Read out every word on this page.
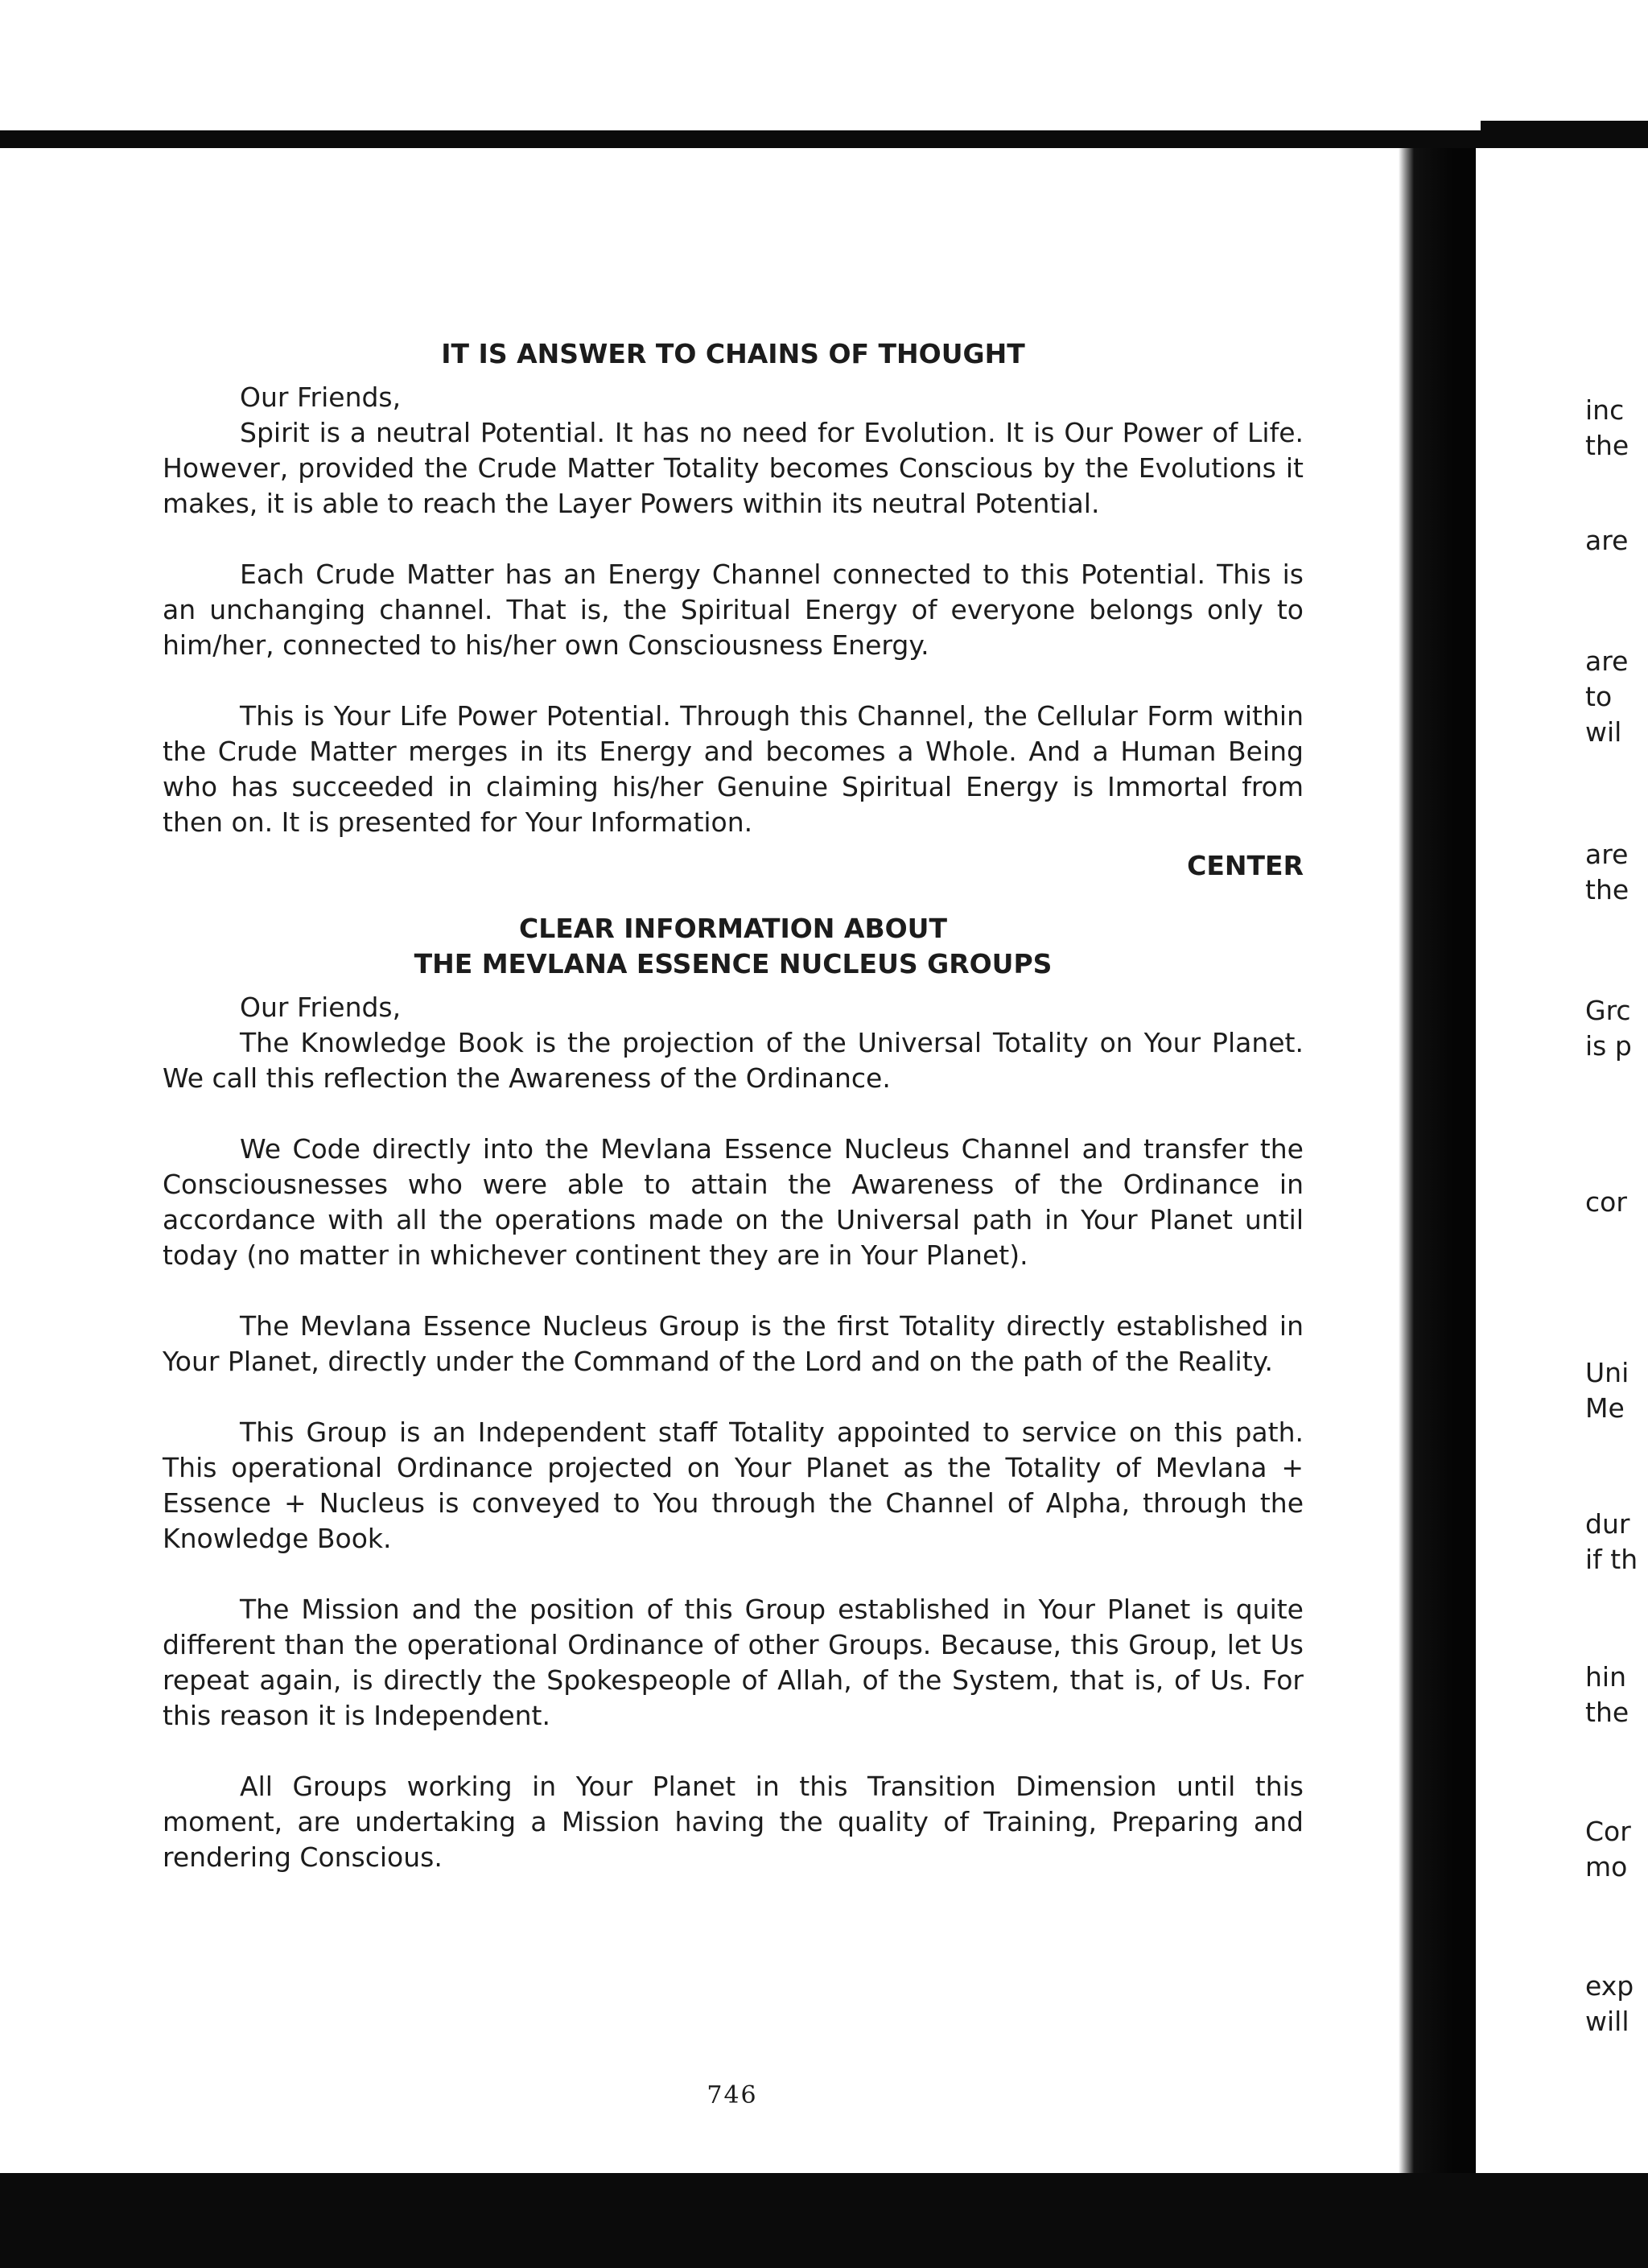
IT IS ANSWER TO CHAINS OF THOUGHT

Our Friends,

Spirit is a neutral Potential. It has no need for Evolution. It is Our Power of Life. However, provided the Crude Matter Totality becomes Conscious by the Evolutions it makes, it is able to reach the Layer Powers within its neutral Potential.

Each Crude Matter has an Energy Channel connected to this Potential. This is an unchanging channel. That is, the Spiritual Energy of everyone belongs only to him/her, connected to his/her own Consciousness Energy.

This is Your Life Power Potential. Through this Channel, the Cellular Form within the Crude Matter merges in its Energy and becomes a Whole. And a Human Being who has succeeded in claiming his/her Genuine Spiritual Energy is Immortal from then on. It is presented for Your Information.

CENTER

CLEAR INFORMATION ABOUT
THE MEVLANA ESSENCE NUCLEUS GROUPS

Our Friends,

The Knowledge Book is the projection of the Universal Totality on Your Planet. We call this reflection the Awareness of the Ordinance.

We Code directly into the Mevlana Essence Nucleus Channel and transfer the Consciousnesses who were able to attain the Awareness of the Ordinance in accordance with all the operations made on the Universal path in Your Planet until today (no matter in whichever continent they are in Your Planet).

The Mevlana Essence Nucleus Group is the first Totality directly established in Your Planet, directly under the Command of the Lord and on the path of the Reality.

This Group is an Independent staff Totality appointed to service on this path. This operational Ordinance projected on Your Planet as the Totality of Mevlana + Essence + Nucleus is conveyed to You through the Channel of Alpha, through the Knowledge Book.

The Mission and the position of this Group established in Your Planet is quite different than the operational Ordinance of other Groups. Because, this Group, let Us repeat again, is directly the Spokespeople of Allah, of the System, that is, of Us. For this reason it is Independent.

All Groups working in Your Planet in this Transition Dimension until this moment, are undertaking a Mission having the quality of Training, Preparing and rendering Conscious.

746
inc
the
are
are
to
wil
are
the
Grc
is p
cor
Uni
Me
dur
if th
hin
the
Cor
mo
exp
will
